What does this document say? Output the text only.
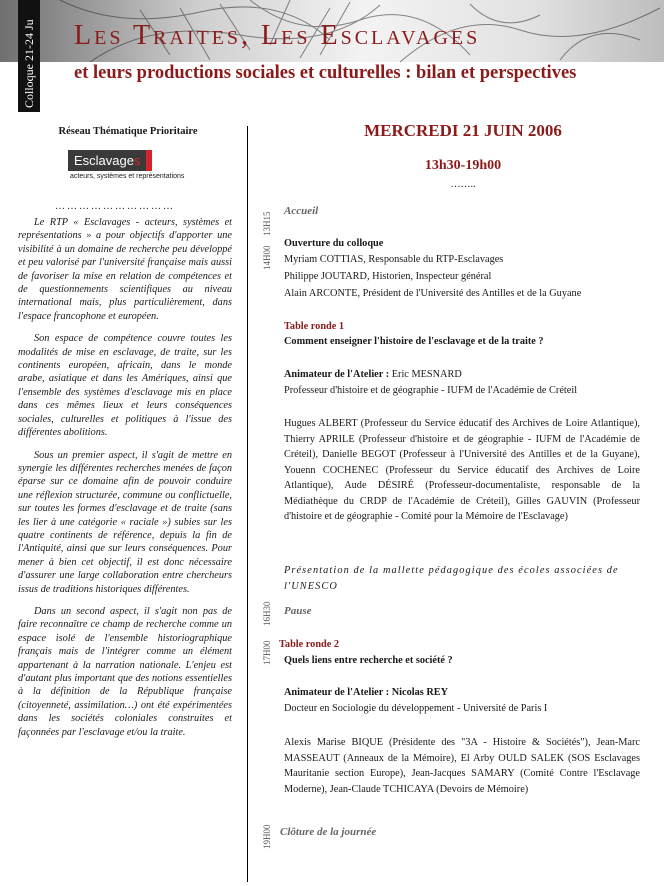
Colloque 21-24 Ju Les Traites, Les Esclavages
et leurs productions sociales et culturelles : bilan et perspectives
Réseau Thématique Prioritaire
Esclavages
acteurs, systèmes et représentations
…………………………

Le RTP « Esclavages - acteurs, systèmes et représentations » a pour objectifs d'apporter une visibilité à un domaine de recherche peu développé et peu valorisé par l'université française mais aussi de favoriser la mise en relation de compétences et de questionnements scientifiques au niveau international mais, plus particulièrement, dans l'espace francophone et européen.

Son espace de compétence couvre toutes les modalités de mise en esclavage, de traite, sur les continents européen, africain, dans le monde arabe, asiatique et dans les Amériques, ainsi que l'ensemble des systèmes d'esclavage mis en place dans ces mêmes lieux et leurs conséquences sociales, culturelles et politiques à l'issue des différentes abolitions.

Sous un premier aspect, il s'agit de mettre en synergie les différentes recherches menées de façon éparse sur ce domaine afin de pouvoir conduire une réflexion structurée, commune ou conflictuelle, sur toutes les formes d'esclavage et de traite (sans les lier à une catégorie « raciale ») subies sur les quatre continents de référence, depuis la fin de l'Antiquité, ainsi que sur leurs conséquences. Pour mener à bien cet objectif, il est donc nécessaire d'assurer une large collaboration entre chercheurs issus de traditions historiques différentes.

Dans un second aspect, il s'agit non pas de faire reconnaître ce champ de recherche comme un espace isolé de l'ensemble historiographique français mais de l'intégrer comme un élément appartenant à la narration nationale. L'enjeu est d'autant plus important que des notions essentielles à la définition de la République française (citoyenneté, assimilation…) ont été expérimentées dans les sociétés coloniales construites et façonnées par l'esclavage et/ou la traite.

MERCREDI 21 JUIN 2006
13h30-19h00
……..
13H15
14H00
16H30
17H00
19H00
Accueil
Ouverture du colloque
Myriam COTTIAS, Responsable du RTP-Esclavages
Philippe JOUTARD, Historien, Inspecteur général
Alain ARCONTE, Président de l'Université des Antilles et de la Guyane
Table ronde 1
Comment enseigner l'histoire de l'esclavage et de la traite ?
Animateur de l'Atelier : Eric MESNARD
Professeur d'histoire et de géographie - IUFM de l'Académie de Créteil
Hugues ALBERT (Professeur du Service éducatif des Archives de Loire Atlantique), Thierry APRILE (Professeur d'histoire et de géographie - IUFM de l'Académie de Créteil), Danielle BEGOT (Professeur à l'Université des Antilles et de la Guyane), Youenn COCHENEC (Professeur du Service éducatif des Archives de Loire Atlantique), Aude DÉSIRÉ (Professeur-documentaliste, responsable de la Médiathèque du CRDP de l'Académie de Créteil), Gilles GAUVIN (Professeur d'histoire et de géographie - Comité pour la Mémoire de l'Esclavage)
Présentation de la mallette pédagogique des écoles associées de l'UNESCO
Pause
Table ronde 2
Quels liens entre recherche et société ?
Animateur de l'Atelier : Nicolas REY
Docteur en Sociologie du développement - Université de Paris I
Alexis Marise BIQUE (Présidente des "3A - Histoire & Sociétés"), Jean-Marc MASSEAUT (Anneaux de la Mémoire), El Arby OULD SALEK (SOS Esclavages Mauritanie section Europe), Jean-Jacques SAMARY (Comité Contre l'Esclavage Moderne), Jean-Claude TCHICAYA (Devoirs de Mémoire)
Clôture de la journée
